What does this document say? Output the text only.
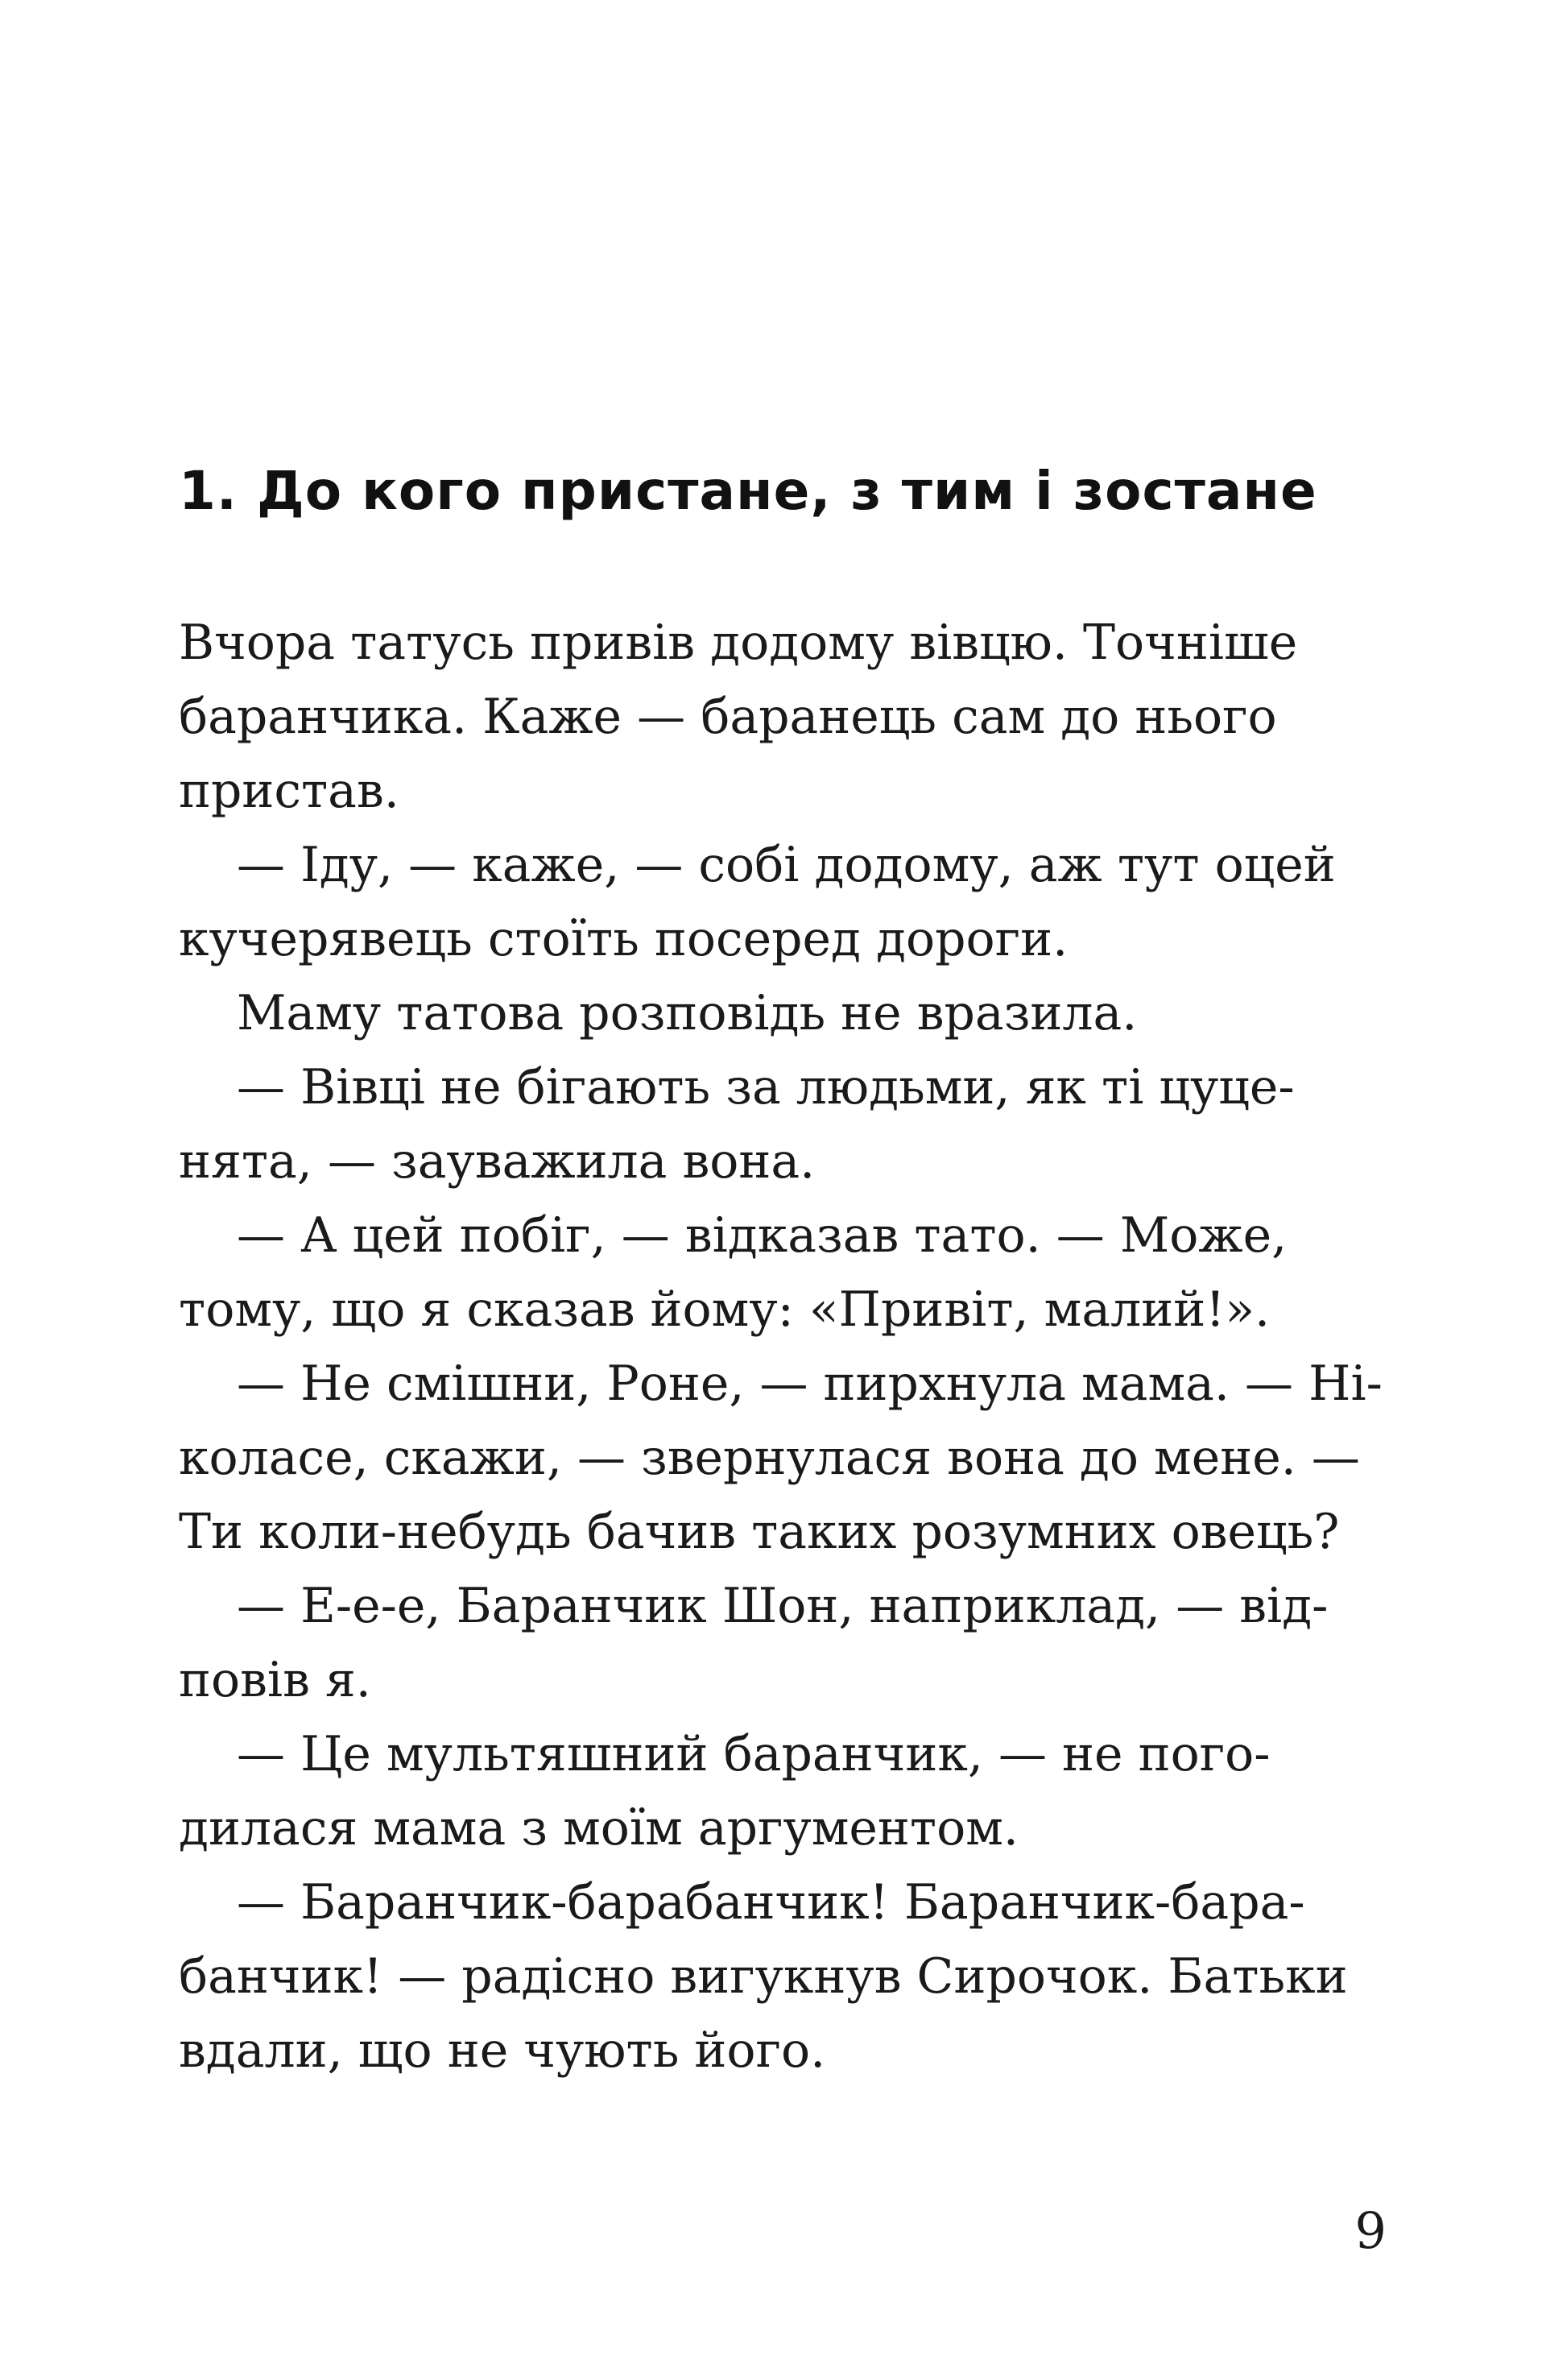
1. До кого пристане, з тим і зостане
Вчора татусь привів додому вівцю. Точніше
баранчика. Каже — баранець сам до нього
пристав.
— Іду, — каже, — собі додому, аж тут оцей
кучерявець стоїть посеред дороги.
Маму татова розповідь не вразила.
— Вівці не бігають за людьми, як ті цуце-
нята, — зауважила вона.
— А цей побіг, — відказав тато. — Може,
тому, що я сказав йому: «Привіт, малий!».
— Не смішни, Роне, — пирхнула мама. — Ні-
коласе, скажи, — звернулася вона до мене. —
Ти коли-небудь бачив таких розумних овець?
— Е-е-е, Баранчик Шон, наприклад, — від-
повів я.
— Це мультяшний баранчик, — не пого-
дилася мама з моїм аргументом.
— Баранчик-барабанчик! Баранчик-бара-
банчик! — радісно вигукнув Сирочок. Батьки
вдали, що не чують його.
9
